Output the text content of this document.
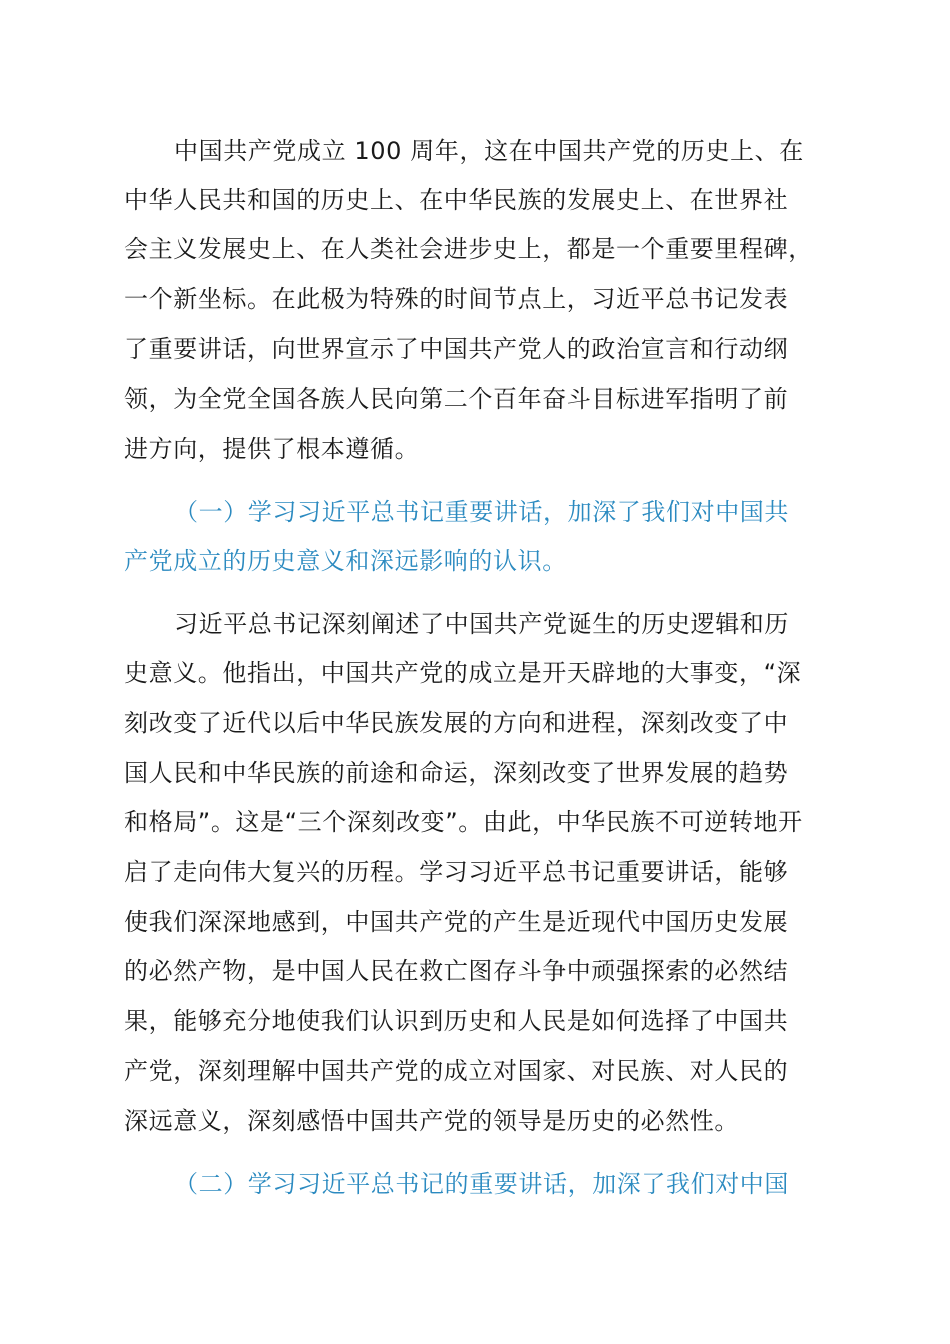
中国共产党成立 100 周年，这在中国共产党的历史上、在
中华人民共和国的历史上、在中华民族的发展史上、在世界社
会主义发展史上、在人类社会进步史上，都是一个重要里程碑，
一个新坐标。在此极为特殊的时间节点上，习近平总书记发表
了重要讲话，向世界宣示了中国共产党人的政治宣言和行动纲
领，为全党全国各族人民向第二个百年奋斗目标进军指明了前
进方向，提供了根本遵循。
（一）学习习近平总书记重要讲话，加深了我们对中国共
产党成立的历史意义和深远影响的认识。
习近平总书记深刻阐述了中国共产党诞生的历史逻辑和历
史意义。他指出，中国共产党的成立是开天辟地的大事变，“深
刻改变了近代以后中华民族发展的方向和进程，深刻改变了中
国人民和中华民族的前途和命运，深刻改变了世界发展的趋势
和格局”。这是“三个深刻改变”。由此，中华民族不可逆转地开
启了走向伟大复兴的历程。学习习近平总书记重要讲话，能够
使我们深深地感到，中国共产党的产生是近现代中国历史发展
的必然产物，是中国人民在救亡图存斗争中顽强探索的必然结
果，能够充分地使我们认识到历史和人民是如何选择了中国共
产党，深刻理解中国共产党的成立对国家、对民族、对人民的
深远意义，深刻感悟中国共产党的领导是历史的必然性。
（二）学习习近平总书记的重要讲话，加深了我们对中国
